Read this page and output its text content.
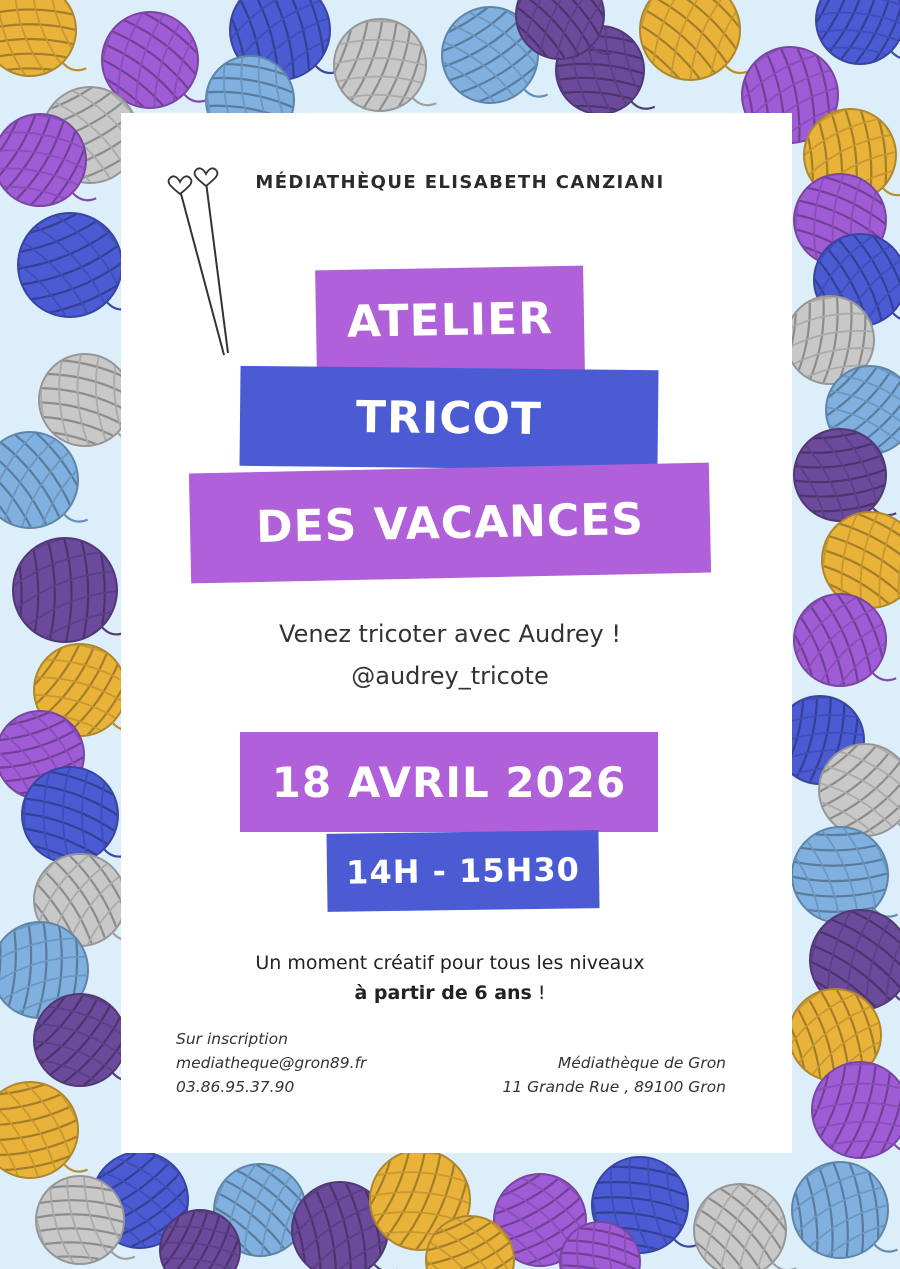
MÉDIATHÈQUE ELISABETH CANZIANI
ATELIER
TRICOT
DES VACANCES
Venez tricoter avec Audrey !
@audrey_tricote
18 AVRIL 2026
14H - 15H30
Un moment créatif pour tous les niveaux
à partir de 6 ans !
Sur inscription
mediatheque@gron89.fr
03.86.95.37.90
Médiathèque de Gron
11 Grande Rue , 89100 Gron
